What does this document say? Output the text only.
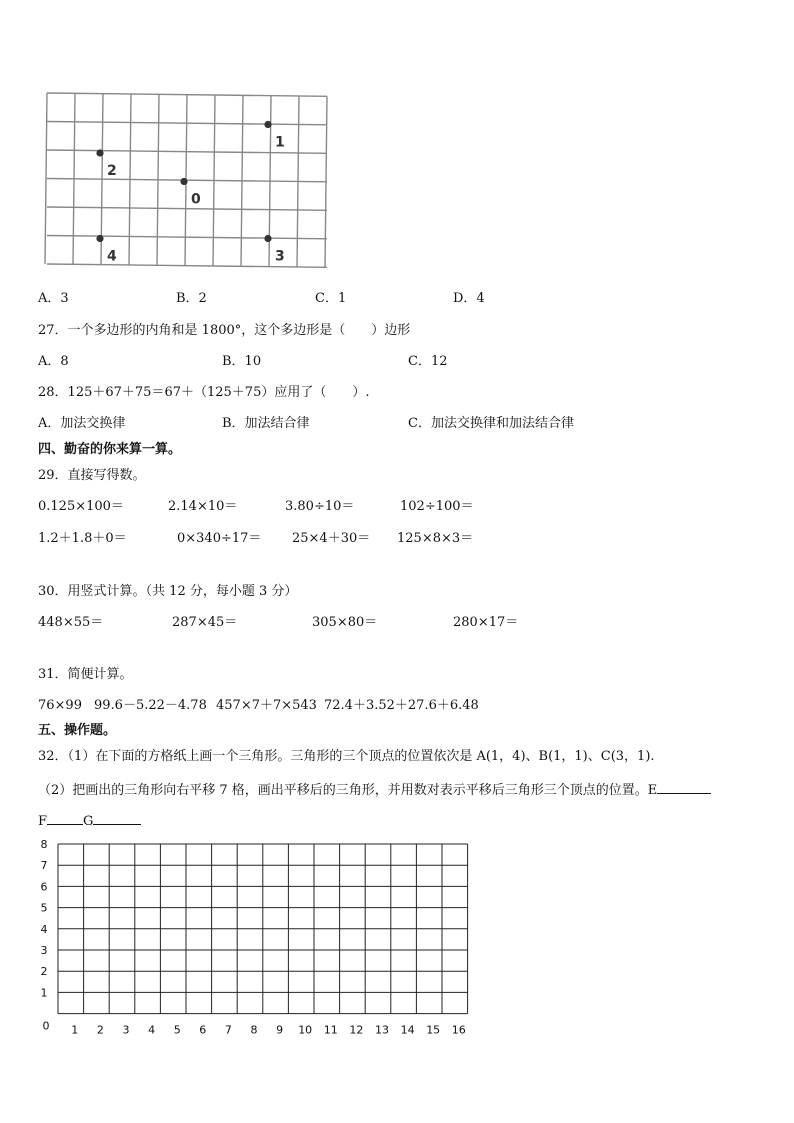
1
2
0
4	3
A．3	B．2	C．1	D．4
27．一个多边形的内角和是 1800°，这个多边形是（　　）边形
A．8	B．10	C．12
28．125＋67＋75＝67＋（125＋75）应用了（　　）.
A．加法交换律	B．加法结合律	C．加法交换律和加法结合律
四、勤奋的你来算一算。
29．直接写得数。
0.125×100＝	2.14×10＝	3.80÷10＝	102÷100＝
1.2＋1.8＋0＝	0×340÷17＝ 25×4＋30＝ 125×8×3＝
30．用竖式计算。（共 12 分，每小题 3 分）
448×55＝	287×45＝	305×80＝	280×17＝
31．简便计算。
76×99 99.6－5.22－4.78 457×7＋7×543 72.4＋3.52＋27.6＋6.48
五、操作题。
32．（1）在下面的方格纸上画一个三角形。三角形的三个顶点的位置依次是 A(1，4)、B(1，1)、C(3，1).
（2）把画出的三角形向右平移 7 格，画出平移后的三角形，并用数对表示平移后三角形三个顶点的位置。E
F	G
8
7
6
5
4
3
2
1
0 1 2 3 4 5 6 7 8 9 10 11 12 13 14 15 16
